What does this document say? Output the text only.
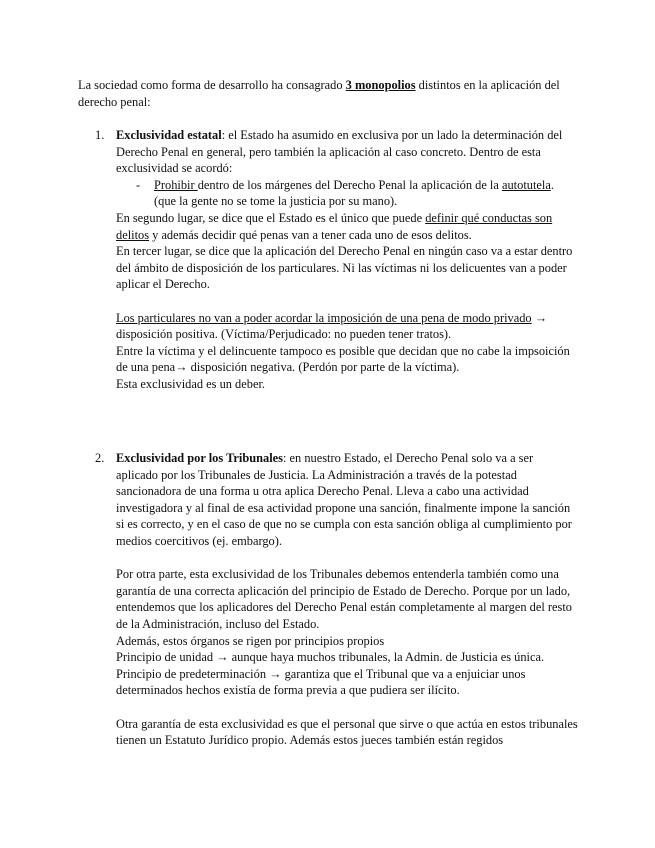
La sociedad como forma de desarrollo ha consagrado 3 monopolios distintos en la aplicación del derecho penal:

1. Exclusividad estatal: el Estado ha asumido en exclusiva por un lado la determinación del Derecho Penal en general, pero también la aplicación al caso concreto. Dentro de esta exclusividad se acordó:

- Prohibir dentro de los márgenes del Derecho Penal la aplicación de la autotutela.

(que la gente no se tome la justicia por su mano).

En segundo lugar, se dice que el Estado es el único que puede definir qué conductas son delitos y además decidir qué penas van a tener cada uno de esos delitos.

En tercer lugar, se dice que la aplicación del Derecho Penal en ningún caso va a estar dentro del ámbito de disposición de los particulares. Ni las víctimas ni los delicuentes van a poder aplicar el Derecho.

Los particulares no van a poder acordar la imposición de una pena de modo privado → disposición positiva. (Víctima/Perjudicado: no pueden tener tratos).

Entre la víctima y el delincuente tampoco es posible que decidan que no cabe la impsoición de una pena→ disposición negativa. (Perdón por parte de la víctima).

Esta exclusividad es un deber.

2. Exclusividad por los Tribunales: en nuestro Estado, el Derecho Penal solo va a ser aplicado por los Tribunales de Justicia. La Administración a través de la potestad sancionadora de una forma u otra aplica Derecho Penal. Lleva a cabo una actividad investigadora y al final de esa actividad propone una sanción, finalmente impone la sanción si es correcto, y en el caso de que no se cumpla con esta sanción obliga al cumplimiento por medios coercitivos (ej. embargo).

Por otra parte, esta exclusividad de los Tribunales debemos entenderla también como una garantía de una correcta aplicación del principio de Estado de Derecho. Porque por un lado, entendemos que los aplicadores del Derecho Penal están completamente al margen del resto de la Administración, incluso del Estado.

Además, estos órganos se rigen por principios propios

Principio de unidad → aunque haya muchos tribunales, la Admin. de Justicia es única.

Principio de predeterminación → garantiza que el Tribunal que va a enjuiciar unos determinados hechos existía de forma previa a que pudiera ser ilícito.

Otra garantía de esta exclusividad es que el personal que sirve o que actúa en estos tribunales tienen un Estatuto Jurídico propio. Además estos jueces también están regidos
